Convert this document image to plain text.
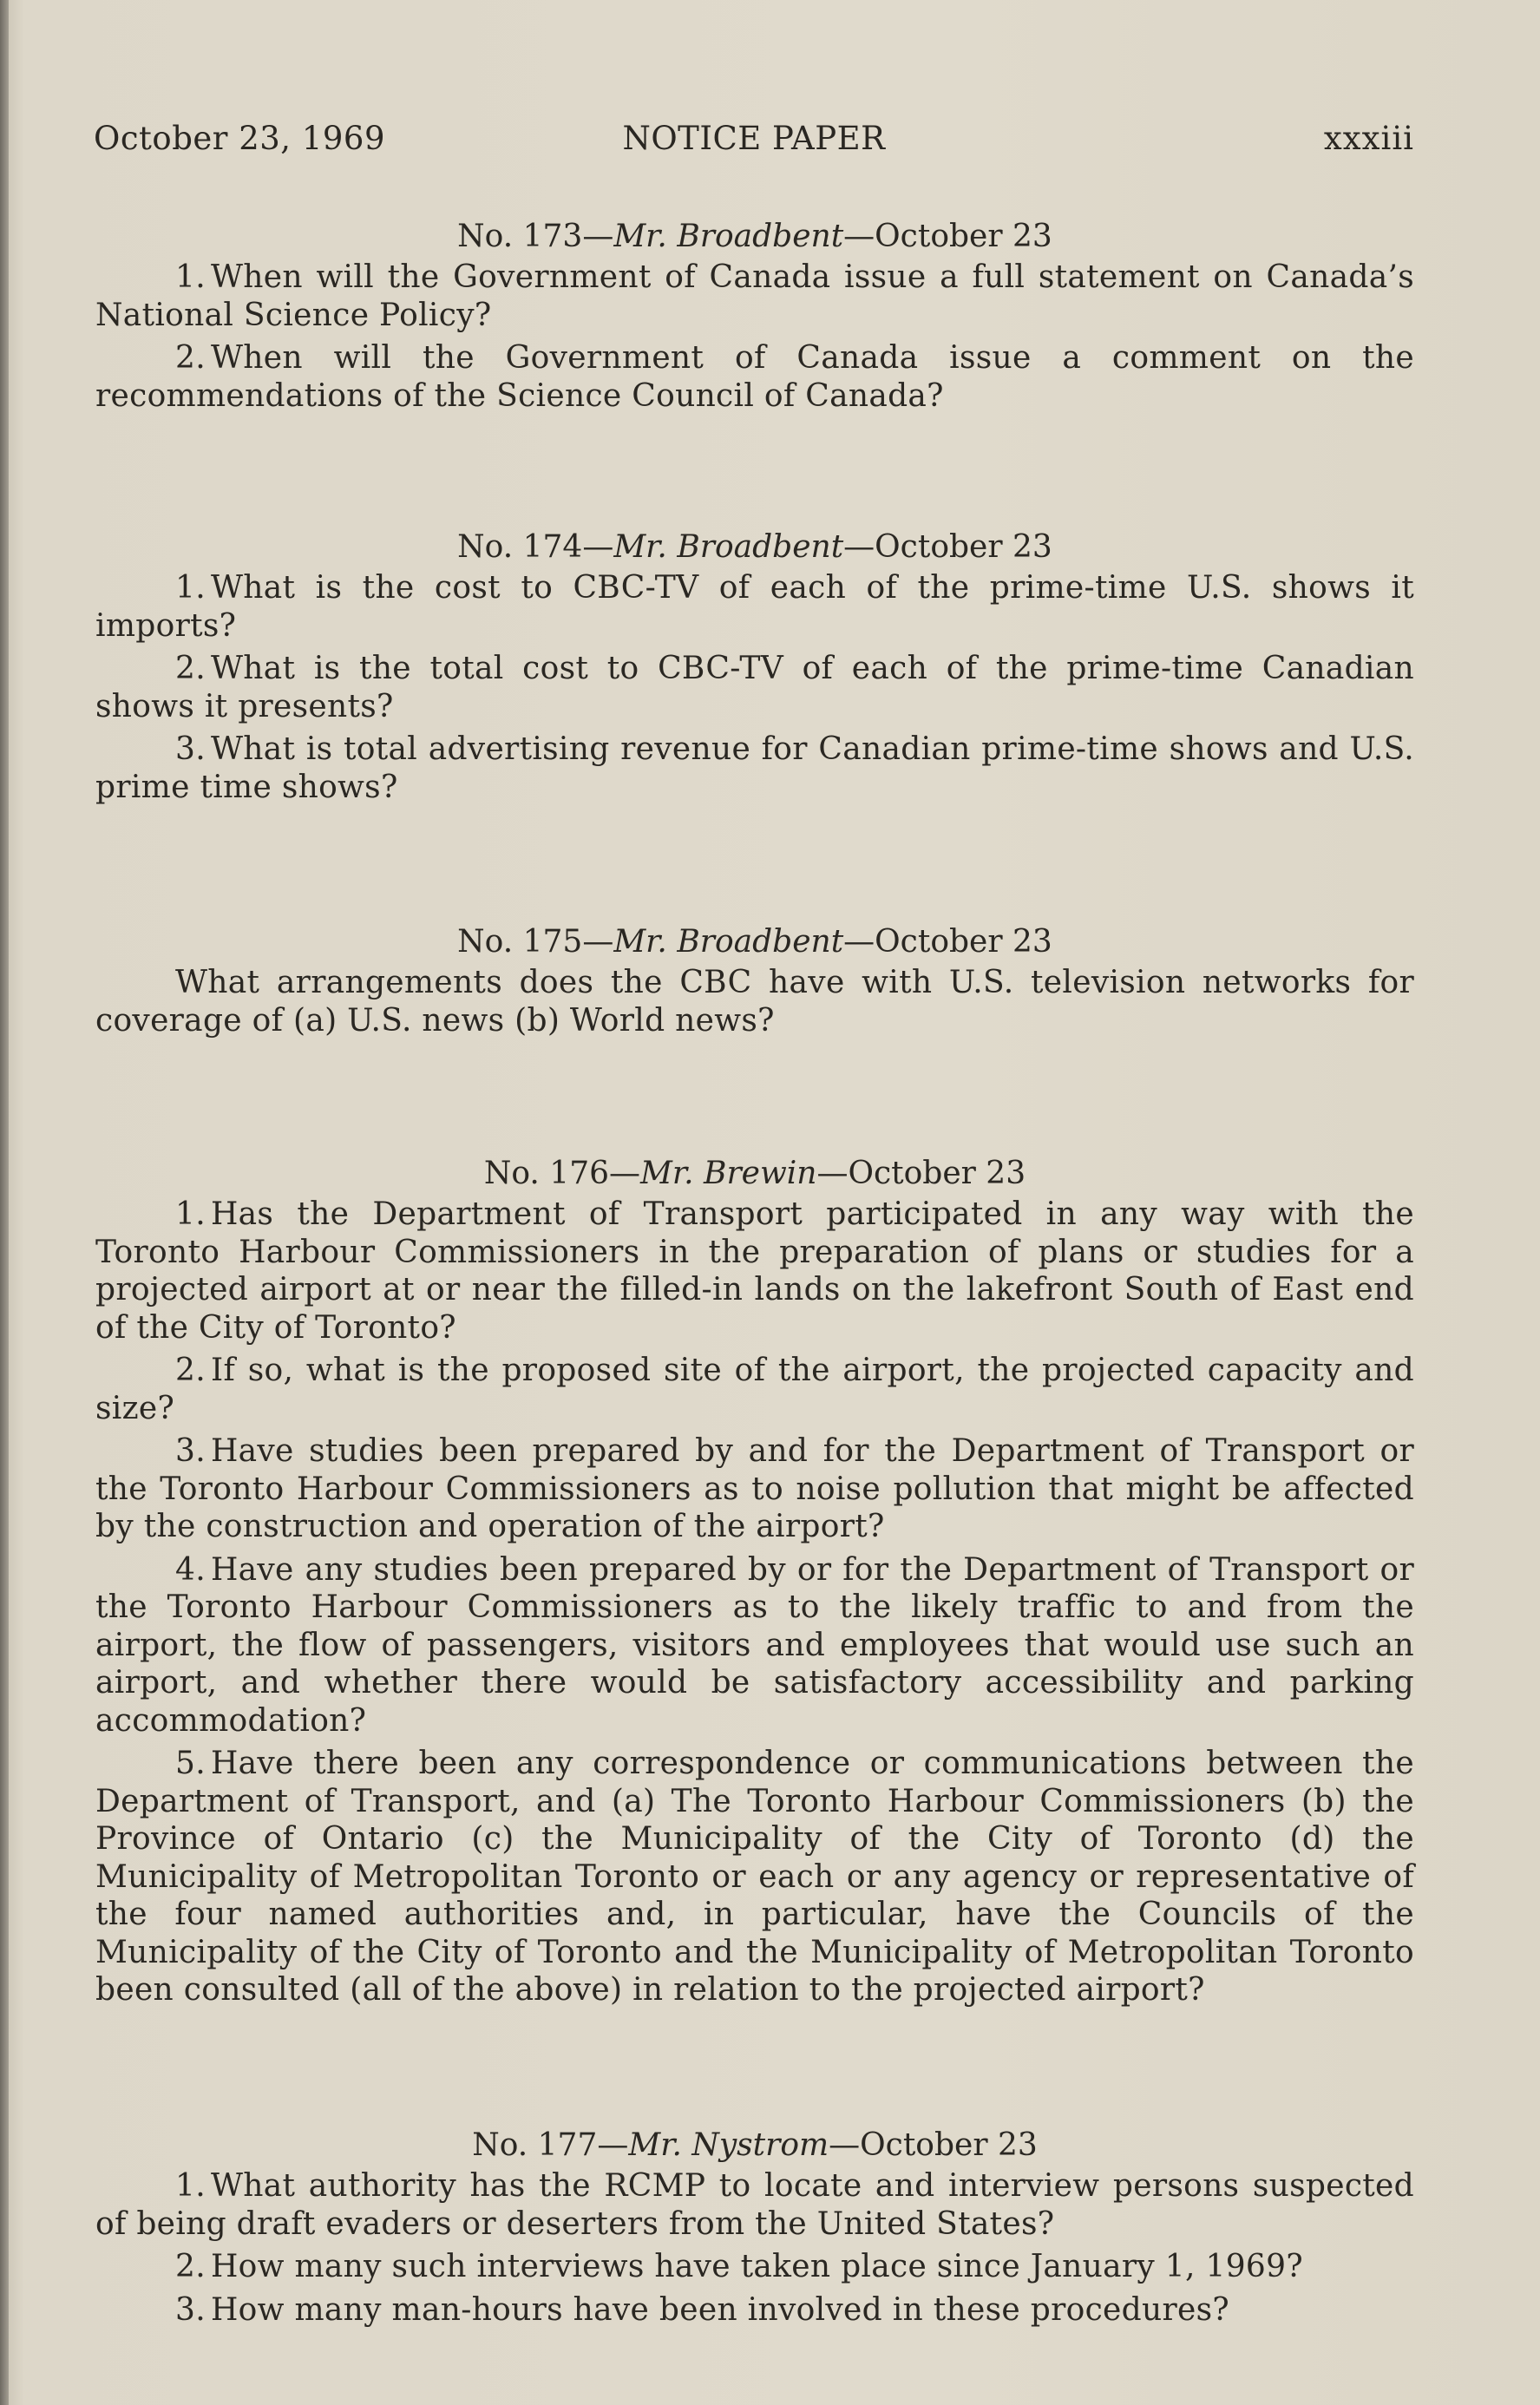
October 23, 1969	NOTICE PAPER	xxxiii
No. 173—Mr. Broadbent—October 23
1. When will the Government of Canada issue a full statement on Canada’s National Science Policy?
2. When will the Government of Canada issue a comment on the recommendations of the Science Council of Canada?
No. 174—Mr. Broadbent—October 23
1. What is the cost to CBC-TV of each of the prime-time U.S. shows it imports?
2. What is the total cost to CBC-TV of each of the prime-time Canadian shows it presents?
3. What is total advertising revenue for Canadian prime-time shows and U.S. prime time shows?
No. 175—Mr. Broadbent—October 23
What arrangements does the CBC have with U.S. television networks for coverage of (a) U.S. news (b) World news?
No. 176—Mr. Brewin—October 23
1. Has the Department of Transport participated in any way with the Toronto Harbour Commissioners in the preparation of plans or studies for a projected airport at or near the filled-in lands on the lakefront South of East end of the City of Toronto?
2. If so, what is the proposed site of the airport, the projected capacity and size?
3. Have studies been prepared by and for the Department of Transport or the Toronto Harbour Commissioners as to noise pollution that might be affected by the construction and operation of the airport?
4. Have any studies been prepared by or for the Department of Transport or the Toronto Harbour Commissioners as to the likely traffic to and from the airport, the flow of passengers, visitors and employees that would use such an airport, and whether there would be satisfactory accessibility and parking accommodation?
5. Have there been any correspondence or communications between the Department of Transport, and (a) The Toronto Harbour Commissioners (b) the Province of Ontario (c) the Municipality of the City of Toronto (d) the Municipality of Metropolitan Toronto or each or any agency or representative of the four named authorities and, in particular, have the Councils of the Municipality of the City of Toronto and the Municipality of Metropolitan Toronto been consulted (all of the above) in relation to the projected airport?
No. 177—Mr. Nystrom—October 23
1. What authority has the RCMP to locate and interview persons suspected of being draft evaders or deserters from the United States?
2. How many such interviews have taken place since January 1, 1969?
3. How many man-hours have been involved in these procedures?
